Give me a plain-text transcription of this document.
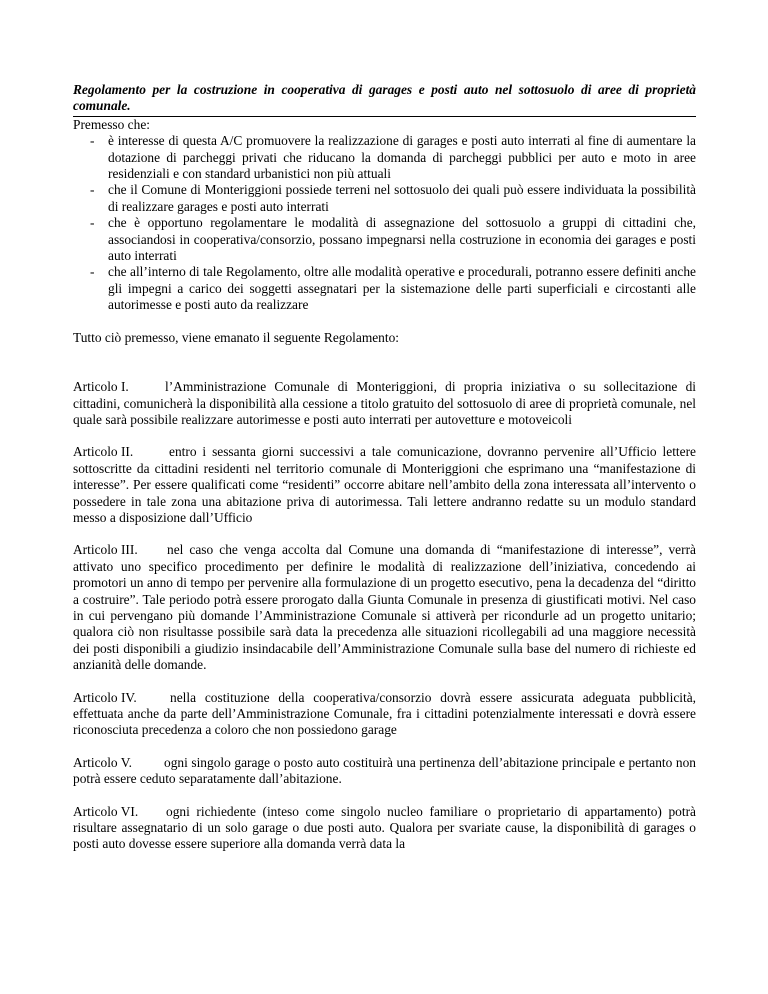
Regolamento per la costruzione in cooperativa di garages e posti auto nel sottosuolo di aree di proprietà comunale.

Premesso che:

- è interesse di questa A/C promuovere la realizzazione di garages e posti auto interrati al fine di aumentare la dotazione di parcheggi privati che riducano la domanda di parcheggi pubblici per auto e moto in aree residenziali e con standard urbanistici non più attuali
- che il Comune di Monteriggioni possiede terreni nel sottosuolo dei quali può essere individuata la possibilità di realizzare garages e posti auto interrati
- che è opportuno regolamentare le modalità di assegnazione del sottosuolo a gruppi di cittadini che, associandosi in cooperativa/consorzio, possano impegnarsi nella costruzione in economia dei garages e posti auto interrati
- che all’interno di tale Regolamento, oltre alle modalità operative e procedurali, potranno essere definiti anche gli impegni a carico dei soggetti assegnatari per la sistemazione delle parti superficiali e circostanti alle autorimesse e posti auto da realizzare

Tutto ciò premesso, viene emanato il seguente Regolamento:

Articolo I.	l’Amministrazione Comunale di Monteriggioni, di propria iniziativa o su sollecitazione di cittadini, comunicherà la disponibilità alla cessione a titolo gratuito del sottosuolo di aree di proprietà comunale, nel quale sarà possibile realizzare autorimesse e posti auto interrati per autovetture e motoveicoli

Articolo II.	entro i sessanta giorni successivi a tale comunicazione, dovranno pervenire all’Ufficio lettere sottoscritte da cittadini residenti nel territorio comunale di Monteriggioni che esprimano una “manifestazione di interesse”. Per essere qualificati come “residenti” occorre abitare nell’ambito della zona interessata all’intervento o possedere in tale zona una abitazione priva di autorimessa. Tali lettere andranno redatte su un modulo standard messo a disposizione dall’Ufficio

Articolo III. nel caso che venga accolta dal Comune una domanda di “manifestazione di interesse”, verrà attivato uno specifico procedimento per definire le modalità di realizzazione dell’iniziativa, concedendo ai promotori un anno di tempo per pervenire alla formulazione di un progetto esecutivo, pena la decadenza del “diritto a costruire”. Tale periodo potrà essere prorogato dalla Giunta Comunale in presenza di giustificati motivi. Nel caso in cui pervengano più domande l’Amministrazione Comunale si attiverà per ricondurle ad un progetto unitario; qualora ciò non risultasse possibile sarà data la precedenza alle situazioni ricollegabili ad una maggiore necessità dei posti disponibili a giudizio insindacabile dell’Amministrazione Comunale sulla base del numero di richieste ed anzianità delle domande.

Articolo IV. nella costituzione della cooperativa/consorzio dovrà essere assicurata adeguata pubblicità, effettuata anche da parte dell’Amministrazione Comunale, fra i cittadini potenzialmente interessati e dovrà essere riconosciuta precedenza a coloro che non possiedono garage

Articolo V. ogni singolo garage o posto auto costituirà una pertinenza dell’abitazione principale e pertanto non potrà essere ceduto separatamente dall’abitazione.

Articolo VI. ogni richiedente (inteso come singolo nucleo familiare o proprietario di appartamento) potrà risultare assegnatario di un solo garage o due posti auto. Qualora per svariate cause, la disponibilità di garages o posti auto dovesse essere superiore alla domanda verrà data la
